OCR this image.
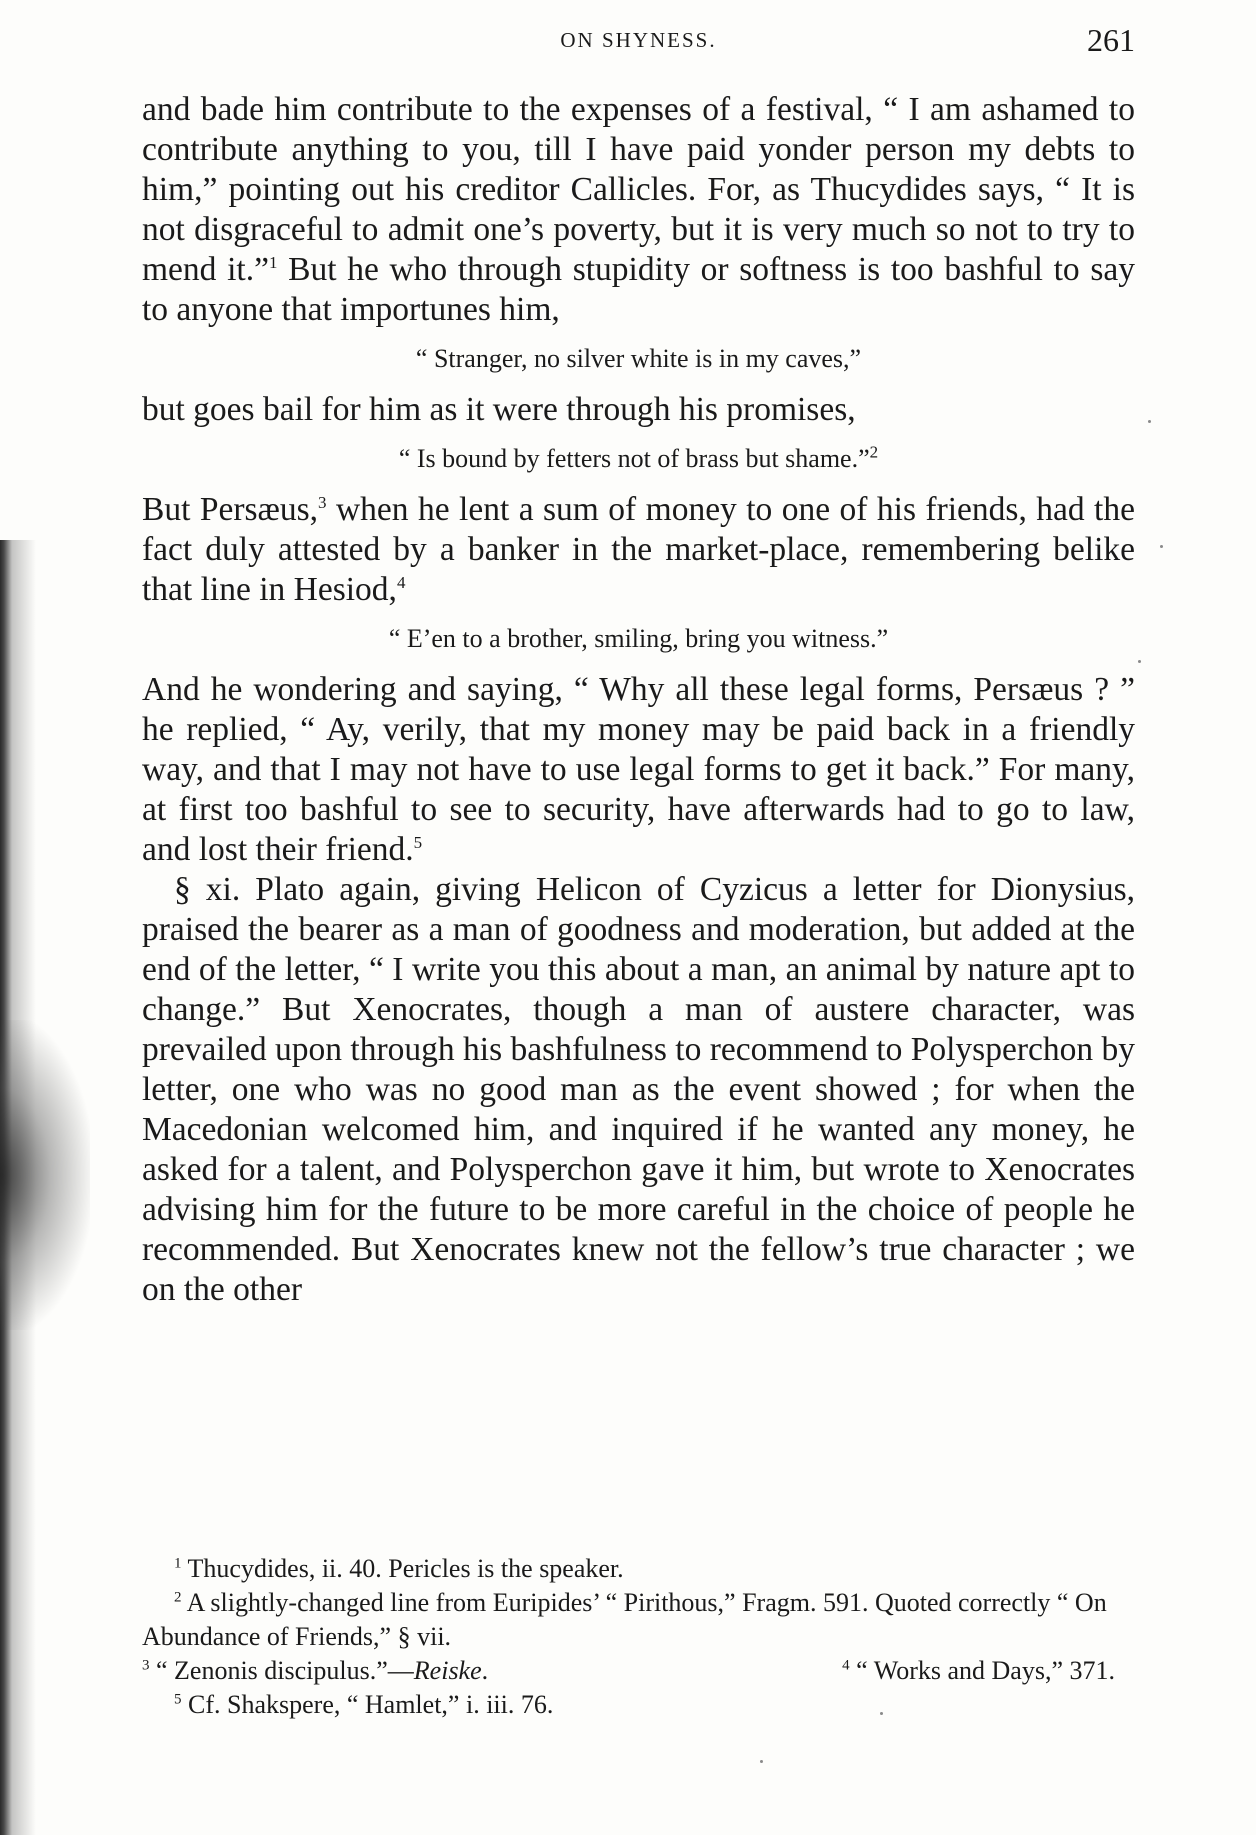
ON SHYNESS.	261

and bade him contribute to the expenses of a festival, “ I am ashamed to contribute anything to you, till I have paid yonder person my debts to him,” pointing out his creditor Callicles. For, as Thucydides says, “ It is not disgraceful to admit one’s poverty, but it is very much so not to try to mend it.”$^1$ But he who through stupidity or softness is too bashful to say to anyone that importunes him,

“ Stranger, no silver white is in my caves,”

but goes bail for him as it were through his promises,

“ Is bound by fetters not of brass but shame.”$^2$

But Persæus,$^3$ when he lent a sum of money to one of his friends, had the fact duly attested by a banker in the market-place, remembering belike that line in Hesiod,$^4$

“ E’en to a brother, smiling, bring you witness.”

And he wondering and saying, “ Why all these legal forms, Persæus ? ” he replied, “ Ay, verily, that my money may be paid back in a friendly way, and that I may not have to use legal forms to get it back.” For many, at first too bashful to see to security, have afterwards had to go to law, and lost their friend.$^5$

§ xi. Plato again, giving Helicon of Cyzicus a letter for Dionysius, praised the bearer as a man of goodness and moderation, but added at the end of the letter, “ I write you this about a man, an animal by nature apt to change.” But Xenocrates, though a man of austere character, was prevailed upon through his bashfulness to recommend to Polysperchon by letter, one who was no good man as the event showed ; for when the Macedonian welcomed him, and inquired if he wanted any money, he asked for a talent, and Polysperchon gave it him, but wrote to Xenocrates advising him for the future to be more careful in the choice of people he recommended. But Xenocrates knew not the fellow’s true character ; we on the other

$^1$ Thucydides, ii. 40. Pericles is the speaker.

$^2$ A slightly-changed line from Euripides’ “ Pirithous,” Fragm. 591. Quoted correctly “ On Abundance of Friends,” § vii.

$^3$ “ Zenonis discipulus.”—Reiske.	$^4$ “ Works and Days,” 371.

$^5$ Cf. Shakspere, “ Hamlet,” i. iii. 76.
